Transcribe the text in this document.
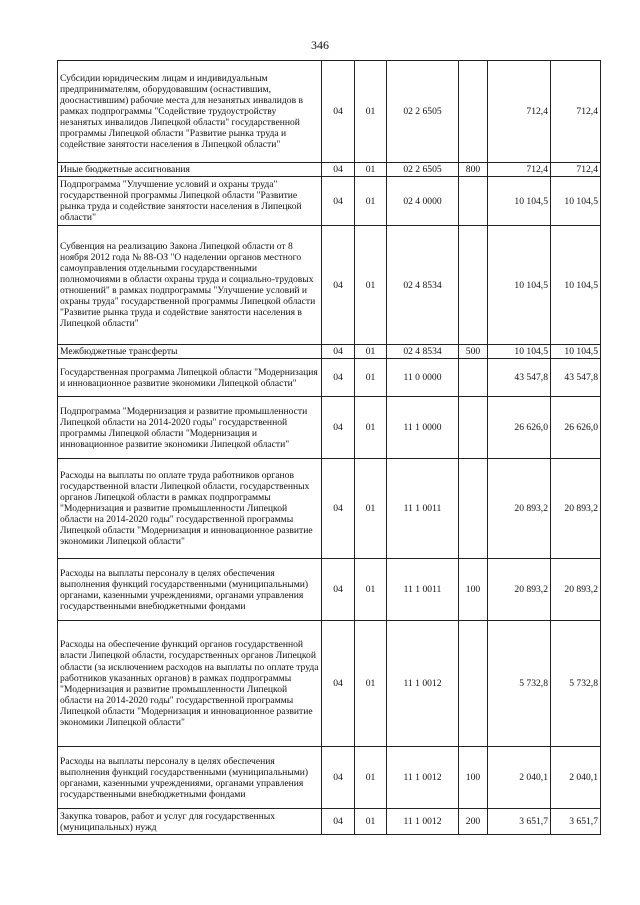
346
Субсидии юридическим лицам и индивидуальным предпринимателям, оборудовавшим (оснастившим, дооснастившим) рабочие места для незанятых инвалидов в рамках подпрограммы "Содействие трудоустройству незанятых инвалидов Липецкой области" государственной программы Липецкой области "Развитие рынка труда и содействие занятости населения в Липецкой области"	04	01	02 2 6505		712,4	712,4
Иные бюджетные ассигнования	04	01	02 2 6505	800	712,4	712,4
Подпрограмма "Улучшение условий и охраны труда" государственной программы Липецкой области "Развитие рынка труда и содействие занятости населения в Липецкой области"	04	01	02 4 0000		10 104,5	10 104,5
Субвенция на реализацию Закона Липецкой области от 8 ноября 2012 года № 88-ОЗ "О наделении органов местного самоуправления отдельными государственными полномочиями в области охраны труда и социально-трудовых отношений" в рамках подпрограммы "Улучшение условий и охраны труда" государственной программы Липецкой области "Развитие рынка труда и содействие занятости населения в Липецкой области"	04	01	02 4 8534		10 104,5	10 104,5
Межбюджетные трансферты	04	01	02 4 8534	500	10 104,5	10 104,5
Государственная программа Липецкой области "Модернизация и инновационное развитие экономики Липецкой области"	04	01	11 0 0000		43 547,8	43 547,8
Подпрограмма "Модернизация и развитие промышленности Липецкой области на 2014-2020 годы" государственной программы Липецкой области "Модернизация и инновационное развитие экономики Липецкой области"	04	01	11 1 0000		26 626,0	26 626,0
Расходы на выплаты по оплате труда работников органов государственной власти Липецкой области, государственных органов Липецкой области в рамках подпрограммы "Модернизация и развитие промышленности Липецкой области на 2014-2020 годы" государственной программы Липецкой области "Модернизация и инновационное развитие экономики Липецкой области"	04	01	11 1 0011		20 893,2	20 893,2
Расходы на выплаты персоналу в целях обеспечения выполнения функций государственными (муниципальными) органами, казенными учреждениями, органами управления государственными внебюджетными фондами	04	01	11 1 0011	100	20 893,2	20 893,2
Расходы на обеспечение функций органов государственной власти Липецкой области, государственных органов Липецкой области (за исключением расходов на выплаты по оплате труда работников указанных органов) в рамках подпрограммы "Модернизация и развитие промышленности Липецкой области на 2014-2020 годы" государственной программы Липецкой области "Модернизация и инновационное развитие экономики Липецкой области"	04	01	11 1 0012		5 732,8	5 732,8
Расходы на выплаты персоналу в целях обеспечения выполнения функций государственными (муниципальными) органами, казенными учреждениями, органами управления государственными внебюджетными фондами	04	01	11 1 0012	100	2 040,1	2 040,1
Закупка товаров, работ и услуг для государственных (муниципальных) нужд	04	01	11 1 0012	200	3 651,7	3 651,7
